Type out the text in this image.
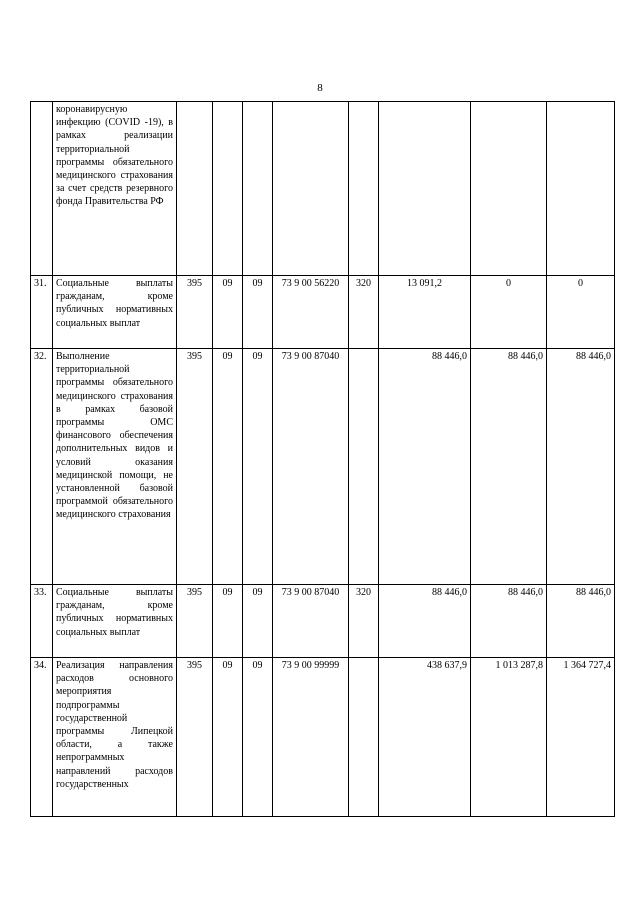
8
	коронавирусную инфекцию (COVID -19), в рамках реализации территориальной программы обязательного медицинского страхования за счет средств резервного фонда Правительства РФ								
31.	Социальные выплаты гражданам, кроме публичных нормативных социальных выплат	395	09	09	73 9 00 56220	320	13 091,2	0	0
32.	Выполнение территориальной программы обязательного медицинского страхования в рамках базовой программы ОМС финансового обеспечения дополнительных видов и условий оказания медицинской помощи, не установленной базовой программой обязательного медицинского страхования	395	09	09	73 9 00 87040		88 446,0	88 446,0	88 446,0
33.	Социальные выплаты гражданам, кроме публичных нормативных социальных выплат	395	09	09	73 9 00 87040	320	88 446,0	88 446,0	88 446,0
34.	Реализация направления расходов основного мероприятия подпрограммы государственной программы Липецкой области, а также непрограммных направлений расходов государственных	395	09	09	73 9 00 99999		438 637,9	1 013 287,8	1 364 727,4
